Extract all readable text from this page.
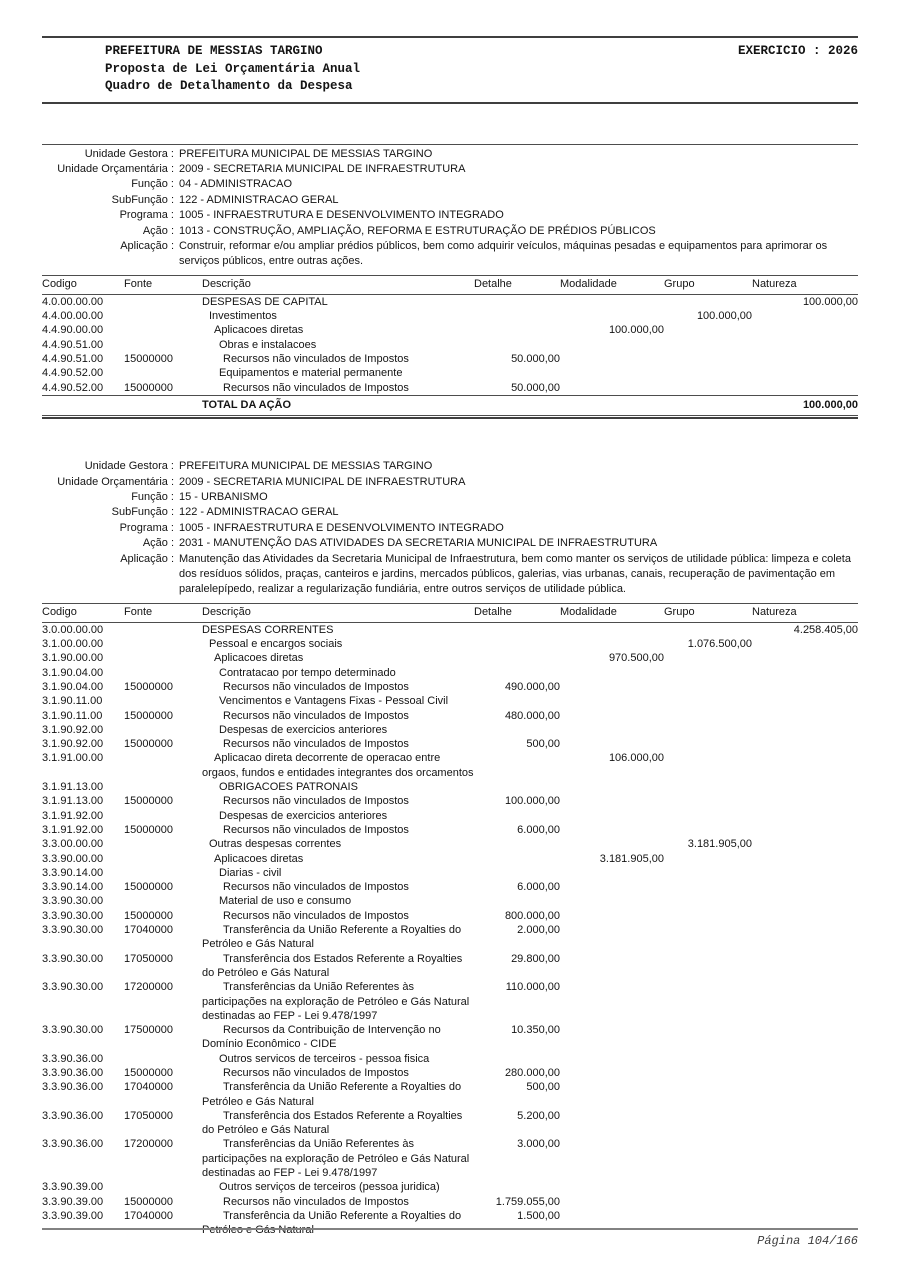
PREFEITURA DE MESSIAS TARGINO	EXERCICIO : 2026
Proposta de Lei Orçamentária Anual
Quadro de Detalhamento da Despesa
Unidade Gestora : PREFEITURA MUNICIPAL DE MESSIAS TARGINO
Unidade Orçamentária : 2009 - SECRETARIA MUNICIPAL DE INFRAESTRUTURA
Função : 04 - ADMINISTRACAO
SubFunção : 122 - ADMINISTRACAO GERAL
Programa : 1005 - INFRAESTRUTURA E DESENVOLVIMENTO INTEGRADO
Ação : 1013 - CONSTRUÇÃO, AMPLIAÇÃO, REFORMA E ESTRUTURAÇÃO DE PRÉDIOS PÚBLICOS
Aplicação : Construir, reformar e/ou ampliar prédios públicos, bem como adquirir veículos, máquinas pesadas e equipamentos para aprimorar os serviços públicos, entre outras ações.
Codigo	Fonte	Descrição	Detalhe	Modalidade	Grupo	Natureza
4.0.00.00.00		DESPESAS DE CAPITAL				100.000,00
4.4.00.00.00		Investimentos			100.000,00	
4.4.90.00.00		Aplicacoes diretas		100.000,00		
4.4.90.51.00		Obras e instalacoes				
4.4.90.51.00	15000000	Recursos não vinculados de Impostos	50.000,00			
4.4.90.52.00		Equipamentos e material permanente				
4.4.90.52.00	15000000	Recursos não vinculados de Impostos	50.000,00			
		TOTAL DA AÇÃO				100.000,00
Unidade Gestora : PREFEITURA MUNICIPAL DE MESSIAS TARGINO
Unidade Orçamentária : 2009 - SECRETARIA MUNICIPAL DE INFRAESTRUTURA
Função : 15 - URBANISMO
SubFunção : 122 - ADMINISTRACAO GERAL
Programa : 1005 - INFRAESTRUTURA E DESENVOLVIMENTO INTEGRADO
Ação : 2031 - MANUTENÇÃO DAS ATIVIDADES DA SECRETARIA MUNICIPAL DE INFRAESTRUTURA
Aplicação : Manutenção das Atividades da Secretaria Municipal de Infraestrutura, bem como manter os serviços de utilidade pública: limpeza e coleta dos resíduos sólidos, praças, canteiros e jardins, mercados públicos, galerias, vias urbanas, canais, recuperação de pavimentação em paralelepípedo, realizar a regularização fundiária, entre outros serviços de utilidade pública.
Codigo	Fonte	Descrição	Detalhe	Modalidade	Grupo	Natureza
3.0.00.00.00		DESPESAS CORRENTES				4.258.405,00
3.1.00.00.00		Pessoal e encargos sociais			1.076.500,00	
3.1.90.00.00		Aplicacoes diretas		970.500,00		
3.1.90.04.00		Contratacao por tempo determinado				
3.1.90.04.00	15000000	Recursos não vinculados de Impostos	490.000,00			
3.1.90.11.00		Vencimentos e Vantagens Fixas - Pessoal Civil				
3.1.90.11.00	15000000	Recursos não vinculados de Impostos	480.000,00			
3.1.90.92.00		Despesas de exercicios anteriores				
3.1.90.92.00	15000000	Recursos não vinculados de Impostos	500,00			
3.1.91.00.00		Aplicacao direta decorrente de operacao entre orgaos, fundos e entidades integrantes dos orcamentos		106.000,00		
3.1.91.13.00		OBRIGACOES PATRONAIS				
3.1.91.13.00	15000000	Recursos não vinculados de Impostos	100.000,00			
3.1.91.92.00		Despesas de exercicios anteriores				
3.1.91.92.00	15000000	Recursos não vinculados de Impostos	6.000,00			
3.3.00.00.00		Outras despesas correntes			3.181.905,00	
3.3.90.00.00		Aplicacoes diretas		3.181.905,00		
3.3.90.14.00		Diarias - civil				
3.3.90.14.00	15000000	Recursos não vinculados de Impostos	6.000,00			
3.3.90.30.00		Material de uso e consumo				
3.3.90.30.00	15000000	Recursos não vinculados de Impostos	800.000,00			
3.3.90.30.00	17040000	Transferência da União Referente a Royalties do Petróleo e Gás Natural	2.000,00			
3.3.90.30.00	17050000	Transferência dos Estados Referente a Royalties do Petróleo e Gás Natural	29.800,00			
3.3.90.30.00	17200000	Transferências da União Referentes às participações na exploração de Petróleo e Gás Natural destinadas ao FEP - Lei 9.478/1997	110.000,00			
3.3.90.30.00	17500000	Recursos da Contribuição de Intervenção no Domínio Econômico - CIDE	10.350,00			
3.3.90.36.00		Outros servicos de terceiros - pessoa fisica				
3.3.90.36.00	15000000	Recursos não vinculados de Impostos	280.000,00			
3.3.90.36.00	17040000	Transferência da União Referente a Royalties do Petróleo e Gás Natural	500,00			
3.3.90.36.00	17050000	Transferência dos Estados Referente a Royalties do Petróleo e Gás Natural	5.200,00			
3.3.90.36.00	17200000	Transferências da União Referentes às participações na exploração de Petróleo e Gás Natural destinadas ao FEP - Lei 9.478/1997	3.000,00			
3.3.90.39.00		Outros serviços de terceiros (pessoa juridica)				
3.3.90.39.00	15000000	Recursos não vinculados de Impostos	1.759.055,00			
3.3.90.39.00	17040000	Transferência da União Referente a Royalties do Petróleo e Gás Natural	1.500,00			
Página 104/166
